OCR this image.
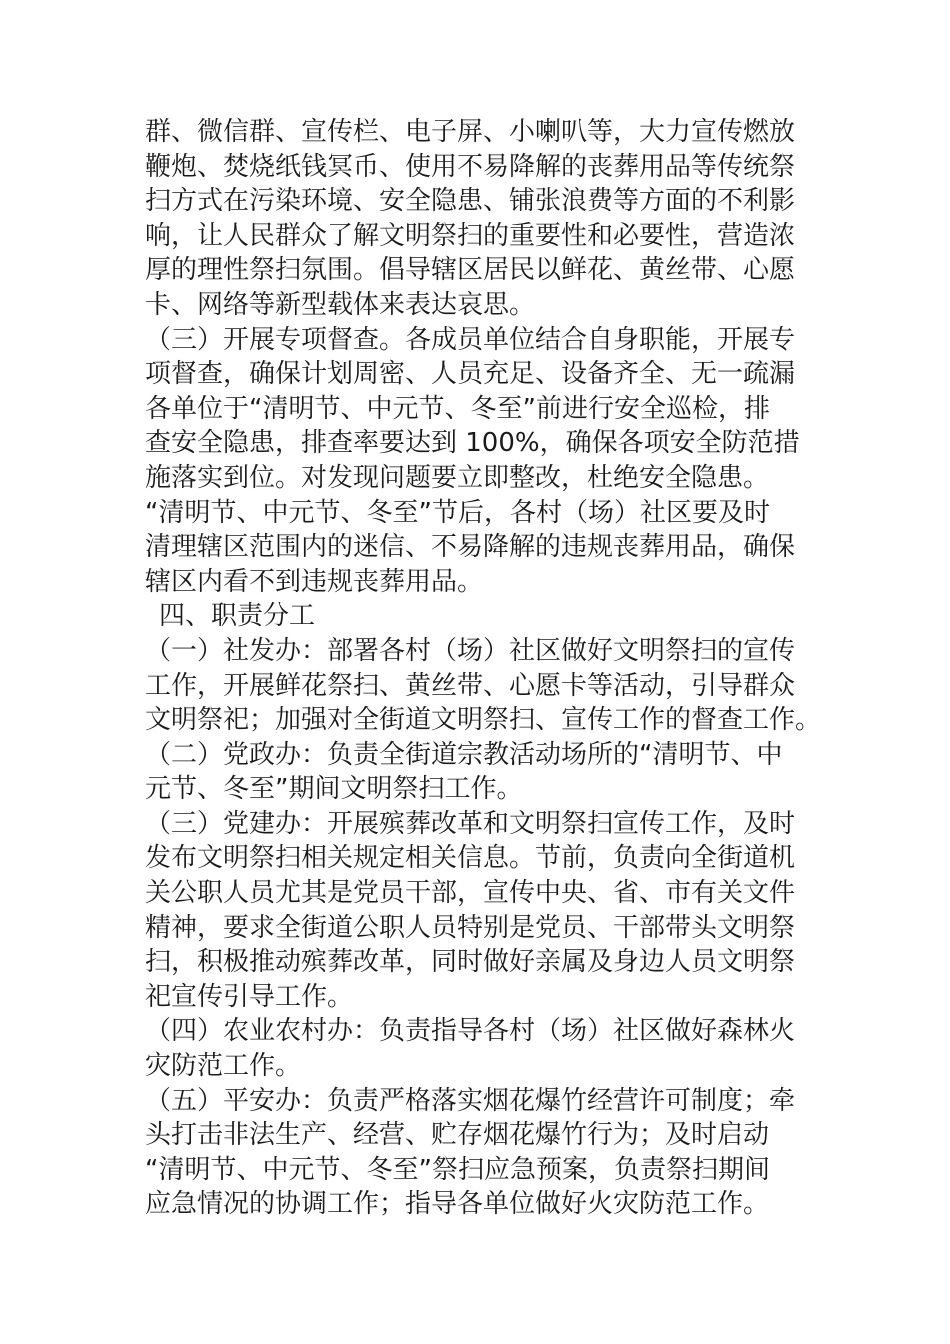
群、微信群、宣传栏、电子屏、小喇叭等，大力宣传燃放
鞭炮、焚烧纸钱冥币、使用不易降解的丧葬用品等传统祭
扫方式在污染环境、安全隐患、铺张浪费等方面的不利影
响，让人民群众了解文明祭扫的重要性和必要性，营造浓
厚的理性祭扫氛围。倡导辖区居民以鲜花、黄丝带、心愿
卡、网络等新型载体来表达哀思。
（三）开展专项督查。各成员单位结合自身职能，开展专
项督查，确保计划周密、人员充足、设备齐全、无一疏漏
各单位于“清明节、中元节、冬至”前进行安全巡检，排
查安全隐患，排查率要达到 100%，确保各项安全防范措
施落实到位。对发现问题要立即整改，杜绝安全隐患。
“清明节、中元节、冬至”节后，各村（场）社区要及时
清理辖区范围内的迷信、不易降解的违规丧葬用品，确保
辖区内看不到违规丧葬用品。
四、职责分工
（一）社发办：部署各村（场）社区做好文明祭扫的宣传
工作，开展鲜花祭扫、黄丝带、心愿卡等活动，引导群众
文明祭祀；加强对全街道文明祭扫、宣传工作的督查工作。
（二）党政办：负责全街道宗教活动场所的“清明节、中
元节、冬至”期间文明祭扫工作。
（三）党建办：开展殡葬改革和文明祭扫宣传工作，及时
发布文明祭扫相关规定相关信息。节前，负责向全街道机
关公职人员尤其是党员干部，宣传中央、省、市有关文件
精神，要求全街道公职人员特别是党员、干部带头文明祭
扫，积极推动殡葬改革，同时做好亲属及身边人员文明祭
祀宣传引导工作。
（四）农业农村办：负责指导各村（场）社区做好森林火
灾防范工作。
（五）平安办：负责严格落实烟花爆竹经营许可制度；牵
头打击非法生产、经营、贮存烟花爆竹行为；及时启动
“清明节、中元节、冬至”祭扫应急预案，负责祭扫期间
应急情况的协调工作；指导各单位做好火灾防范工作。
